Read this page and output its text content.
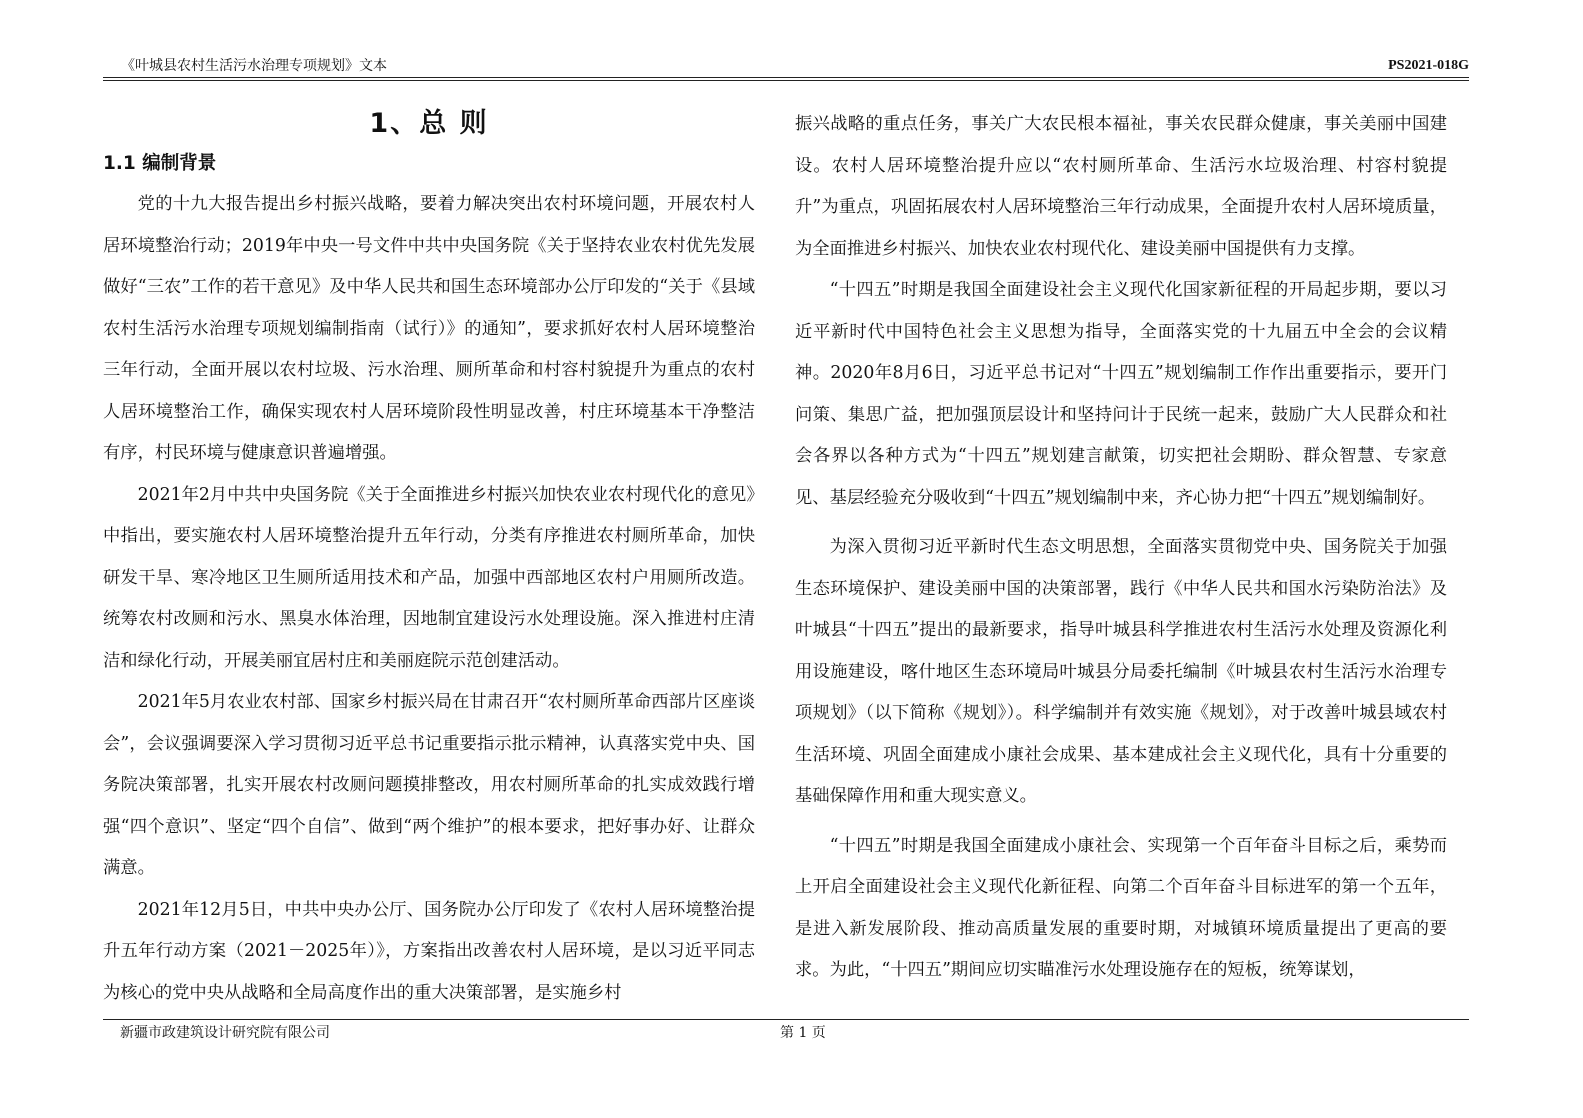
《叶城县农村生活污水治理专项规划》文本	PS2021-018G
1、总 则
1.1 编制背景

党的十九大报告提出乡村振兴战略，要着力解决突出农村环境问题，开展农村人居环境整治行动；2019年中央一号文件中共中央国务院《关于坚持农业农村优先发展做好“三农”工作的若干意见》及中华人民共和国生态环境部办公厅印发的“关于《县域农村生活污水治理专项规划编制指南（试行）》的通知”，要求抓好农村人居环境整治三年行动，全面开展以农村垃圾、污水治理、厕所革命和村容村貌提升为重点的农村人居环境整治工作，确保实现农村人居环境阶段性明显改善，村庄环境基本干净整洁有序，村民环境与健康意识普遍增强。

2021年2月中共中央国务院《关于全面推进乡村振兴加快农业农村现代化的意见》中指出，要实施农村人居环境整治提升五年行动，分类有序推进农村厕所革命，加快研发干旱、寒冷地区卫生厕所适用技术和产品，加强中西部地区农村户用厕所改造。统筹农村改厕和污水、黑臭水体治理，因地制宜建设污水处理设施。深入推进村庄清洁和绿化行动，开展美丽宜居村庄和美丽庭院示范创建活动。

2021年5月农业农村部、国家乡村振兴局在甘肃召开“农村厕所革命西部片区座谈会”，会议强调要深入学习贯彻习近平总书记重要指示批示精神，认真落实党中央、国务院决策部署，扎实开展农村改厕问题摸排整改，用农村厕所革命的扎实成效践行增强“四个意识”、坚定“四个自信”、做到“两个维护”的根本要求，把好事办好、让群众满意。

2021年12月5日，中共中央办公厅、国务院办公厅印发了《农村人居环境整治提升五年行动方案（2021－2025年）》，方案指出改善农村人居环境，是以习近平同志为核心的党中央从战略和全局高度作出的重大决策部署，是实施乡村

振兴战略的重点任务，事关广大农民根本福祉，事关农民群众健康，事关美丽中国建设。农村人居环境整治提升应以“农村厕所革命、生活污水垃圾治理、村容村貌提升”为重点，巩固拓展农村人居环境整治三年行动成果，全面提升农村人居环境质量，为全面推进乡村振兴、加快农业农村现代化、建设美丽中国提供有力支撑。

“十四五”时期是我国全面建设社会主义现代化国家新征程的开局起步期，要以习近平新时代中国特色社会主义思想为指导，全面落实党的十九届五中全会的会议精神。2020年8月6日，习近平总书记对“十四五”规划编制工作作出重要指示，要开门问策、集思广益，把加强顶层设计和坚持问计于民统一起来，鼓励广大人民群众和社会各界以各种方式为“十四五”规划建言献策，切实把社会期盼、群众智慧、专家意见、基层经验充分吸收到“十四五”规划编制中来，齐心协力把“十四五”规划编制好。

为深入贯彻习近平新时代生态文明思想，全面落实贯彻党中央、国务院关于加强生态环境保护、建设美丽中国的决策部署，践行《中华人民共和国水污染防治法》及叶城县“十四五”提出的最新要求，指导叶城县科学推进农村生活污水处理及资源化利用设施建设，喀什地区生态环境局叶城县分局委托编制《叶城县农村生活污水治理专项规划》（以下简称《规划》）。科学编制并有效实施《规划》，对于改善叶城县域农村生活环境、巩固全面建成小康社会成果、基本建成社会主义现代化，具有十分重要的基础保障作用和重大现实意义。

“十四五”时期是我国全面建成小康社会、实现第一个百年奋斗目标之后，乘势而上开启全面建设社会主义现代化新征程、向第二个百年奋斗目标进军的第一个五年，是进入新发展阶段、推动高质量发展的重要时期，对城镇环境质量提出了更高的要求。为此，“十四五”期间应切实瞄准污水处理设施存在的短板，统筹谋划，

新疆市政建筑设计研究院有限公司	第 1 页
